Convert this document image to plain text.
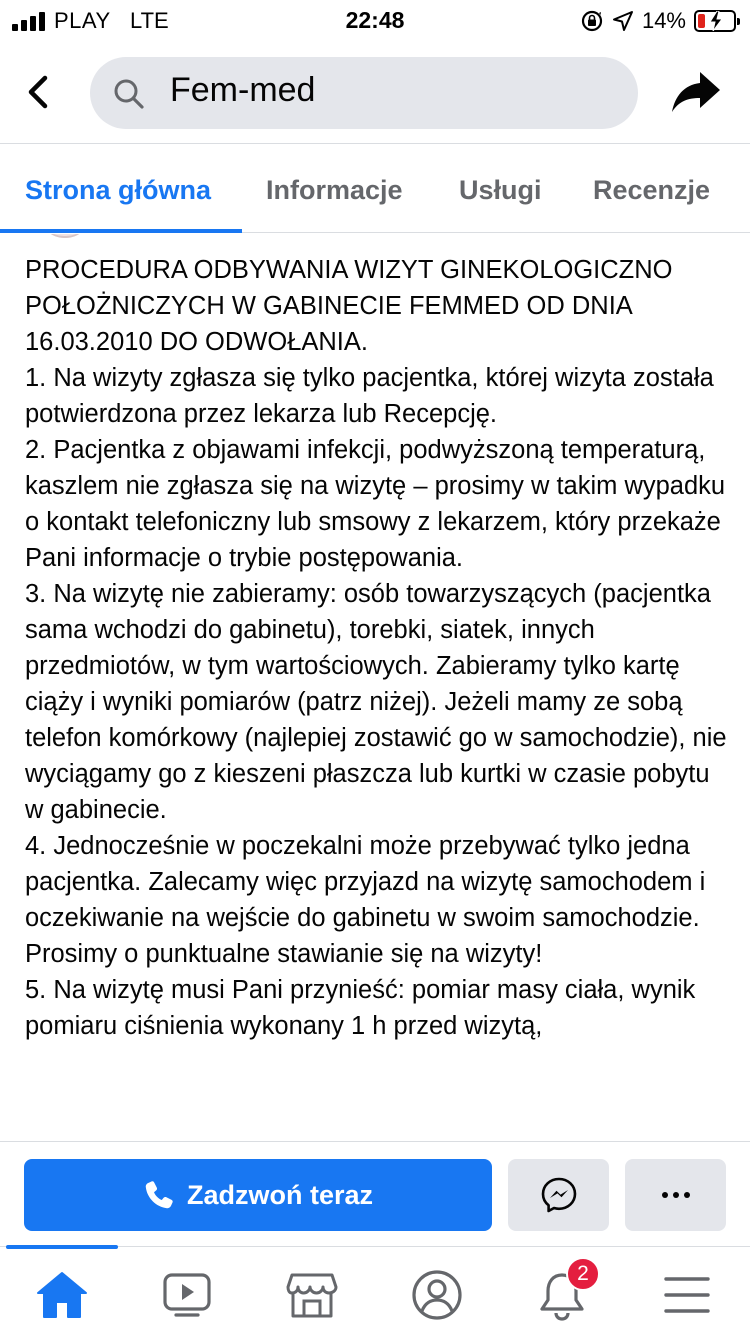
PLAY LTE	22:48	14%
Fem-med
Strona główna Informacje Usługi Recenzje
PROCEDURA ODBYWANIA WIZYT GINEKOLOGICZNO POŁOŻNICZYCH W GABINECIE FEMMED OD DNIA 16.03.2010 DO ODWOŁANIA.
1. Na wizyty zgłasza się tylko pacjentka, której wizyta została potwierdzona przez lekarza lub Recepcję.
2. Pacjentka z objawami infekcji, podwyższoną temperaturą, kaszlem nie zgłasza się na wizytę – prosimy w takim wypadku o kontakt telefoniczny lub smsowy z lekarzem, który przekaże Pani informacje o trybie postępowania.
3. Na wizytę nie zabieramy: osób towarzyszących (pacjentka sama wchodzi do gabinetu), torebki, siatek, innych przedmiotów, w tym wartościowych. Zabieramy tylko kartę ciąży i wyniki pomiarów (patrz niżej). Jeżeli mamy ze sobą telefon komórkowy (najlepiej zostawić go w samochodzie), nie wyciągamy go z kieszeni płaszcza lub kurtki w czasie pobytu w gabinecie.
4. Jednocześnie w poczekalni może przebywać tylko jedna pacjentka. Zalecamy więc przyjazd na wizytę samochodem i oczekiwanie na wejście do gabinetu w swoim samochodzie. Prosimy o punktualne stawianie się na wizyty!
5. Na wizytę musi Pani przynieść: pomiar masy ciała, wynik pomiaru ciśnienia wykonany 1 h przed wizytą,
Zadzwoń teraz
2
